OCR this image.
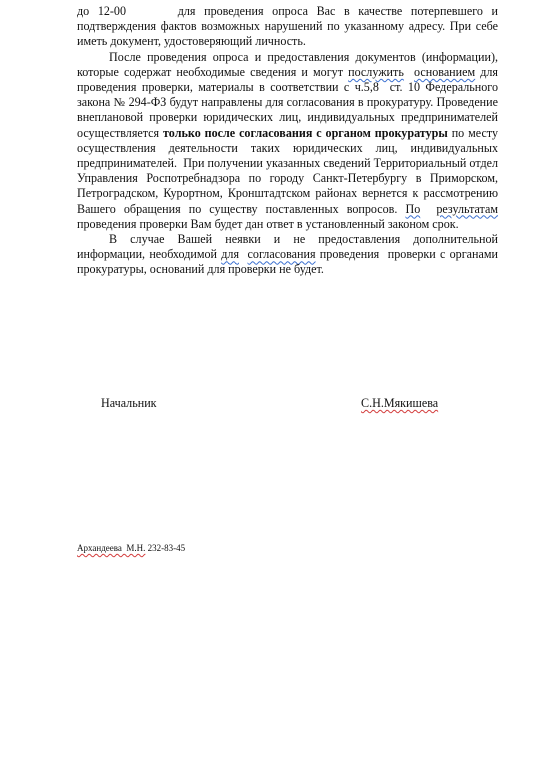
до 12-00      для проведения опроса Вас в качестве потерпевшего и подтверждения фактов возможных нарушений по указанному адресу. При себе иметь документ, удостоверяющий личность.

После проведения опроса и предоставления документов (информации), которые содержат необходимые сведения и могут послужить основанием для проведения проверки, материалы в соответствии с ч.5,8  ст. 10 Федерального закона № 294-ФЗ будут направлены для согласования в прокуратуру. Проведение внеплановой проверки юридических лиц, индивидуальных предпринимателей осуществляется только после согласования с органом прокуратуры по месту осуществления деятельности таких юридических лиц, индивидуальных предпринимателей.  При получении указанных сведений Территориальный отдел Управления Роспотребнадзора по городу Санкт-Петербургу в Приморском, Петроградском, Курортном, Кронштадтском районах вернется к рассмотрению Вашего обращения по существу поставленных вопросов. По результатам проведения проверки Вам будет дан ответ в установленный законом срок.

В случае Вашей неявки и не предоставления дополнительной информации, необходимой для согласования проведения  проверки с органами прокуратуры, оснований для проверки не будет.

Начальник	С.Н.Мякишева
Архандеева  М.Н. 232-83-45
